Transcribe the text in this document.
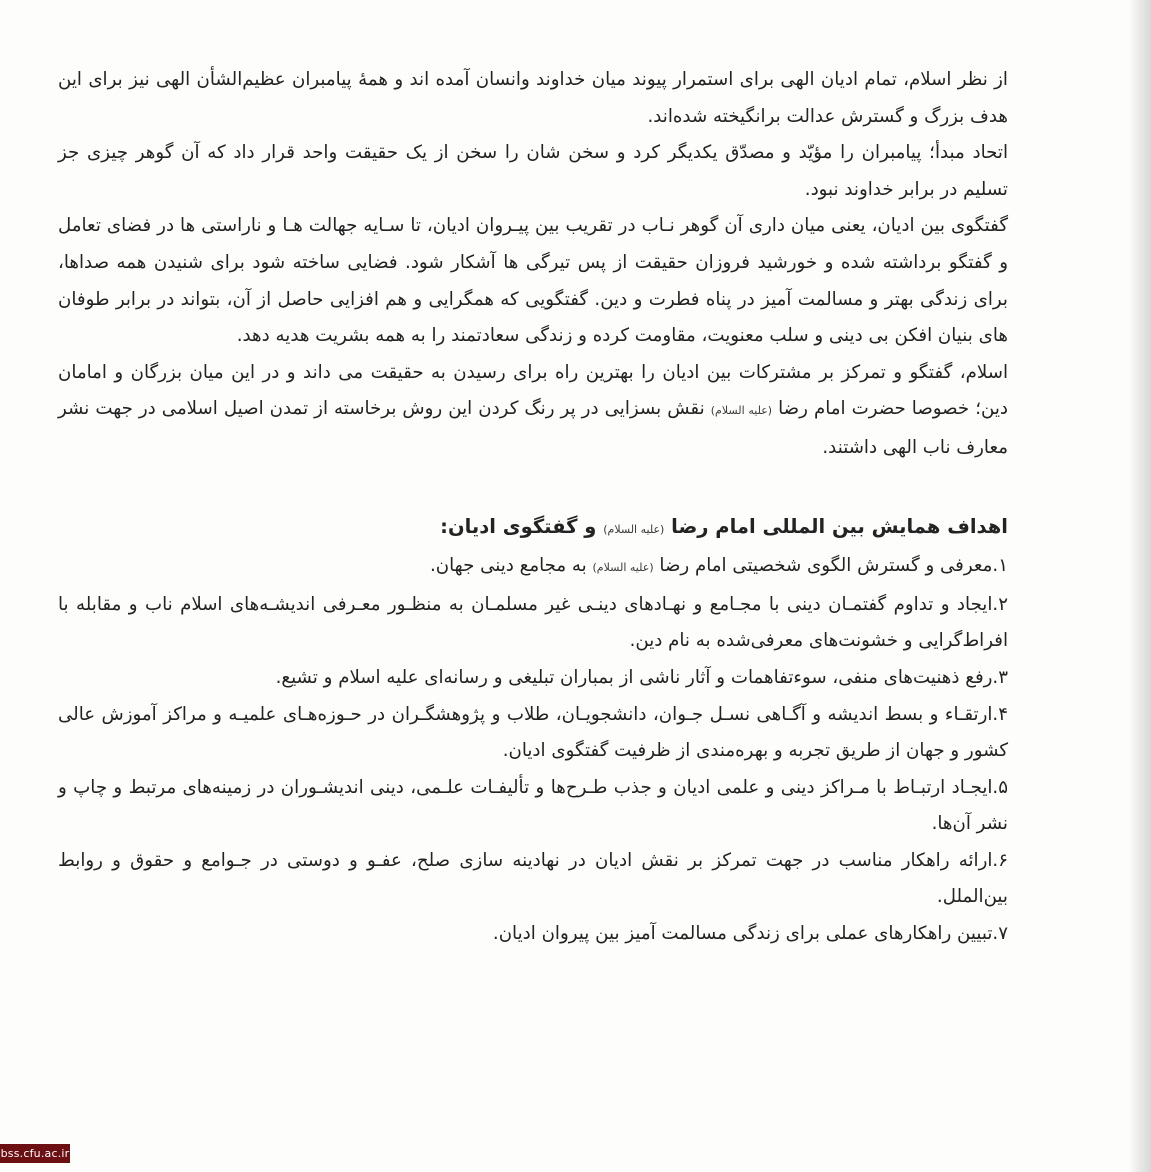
از نظر اسلام، تمام ادیان الهی برای استمرار پیوند میان خداوند وانسان آمده اند و همهٔ پیامبران عظیم‌الشأن الهی نیز برای این هدف بزرگ و گسترش عدالت برانگیخته شده‌اند.

اتحاد مبدأ؛ پیامبران را مؤیّد و مصدّق یکدیگر کرد و سخن شان را سخن از یک حقیقت واحد قرار داد که آن گوهر چیزی جز تسلیم در برابر خداوند نبود.

گفتگوی بین ادیان، یعنی میان داری آن گوهر نـاب در تقریب بین پیـروان ادیان، تا سـایه جهالت هـا و ناراستی ها در فضای تعامل و گفتگو برداشته شده و خورشید فروزان حقیقت از پس تیرگی ها آشکار شود. فضایی ساخته شود برای شنیدن همه صداها، برای زندگی بهتر و مسالمت آمیز در پناه فطرت و دین. گفتگویی که همگرایی و هم افزایی حاصل از آن، بتواند در برابر طوفان های بنیان افکن بی دینی و سلب معنویت، مقاومت کرده و زندگی سعادتمند را به همه بشریت هدیه دهد.

اسلام، گفتگو و تمرکز بر مشترکات بین ادیان را بهترین راه برای رسیدن به حقیقت می داند و در این میان بزرگان و امامان دین؛ خصوصا حضرت امام رضا (علیه السلام) نقش بسزایی در پر رنگ کردن این روش برخاسته از تمدن اصیل اسلامی در جهت نشر معارف ناب الهی داشتند.

اهداف همایش بین المللی امام رضا (علیه السلام) و گفتگوی ادیان:

١.معرفی و گسترش الگوی شخصیتی امام رضا (علیه السلام) به مجامع دینی جهان.
٢.ایجاد و تداوم گفتمـان دینی با مجـامع و نهـادهای دینـی غیر مسلمـان به منظـور معـرفی اندیشـه‌های اسلام ناب و مقابله با افراط‌گرایی و خشونت‌های معرفی‌شده به نام دین.
٣.رفع ذهنیت‌های منفی، سوءتفاهمات و آثار ناشی از بمباران تبلیغی و رسانه‌ای علیه اسلام و تشیع.
۴.ارتقـاء و بسط اندیشه و آگـاهی نسـل جـوان، دانشجویـان، طلاب و پژوهشگـران در حـوزه‌هـای علمیـه و مراکز آموزش عالی کشور و جهان از طریق تجربه و بهره‌مندی از ظرفیت گفتگوی ادیان.
۵.ایجـاد ارتبـاط با مـراکز دینی و علمی ادیان و جذب طـرح‌ها و تألیفـات علـمی، دینی اندیشـوران در زمینه‌های مرتبط و چاپ و نشر آن‌ها.
۶.ارائه راهکار مناسب در جهت تمرکز بر نقش ادیان در نهادینه سازی صلح، عفـو و دوستی در جـوامع و حقوق و روابط بین‌الملل.
٧.تبیین راهکارهای عملی برای زندگی مسالمت آمیز بین پیروان ادیان.
bss.cfu.ac.ir
